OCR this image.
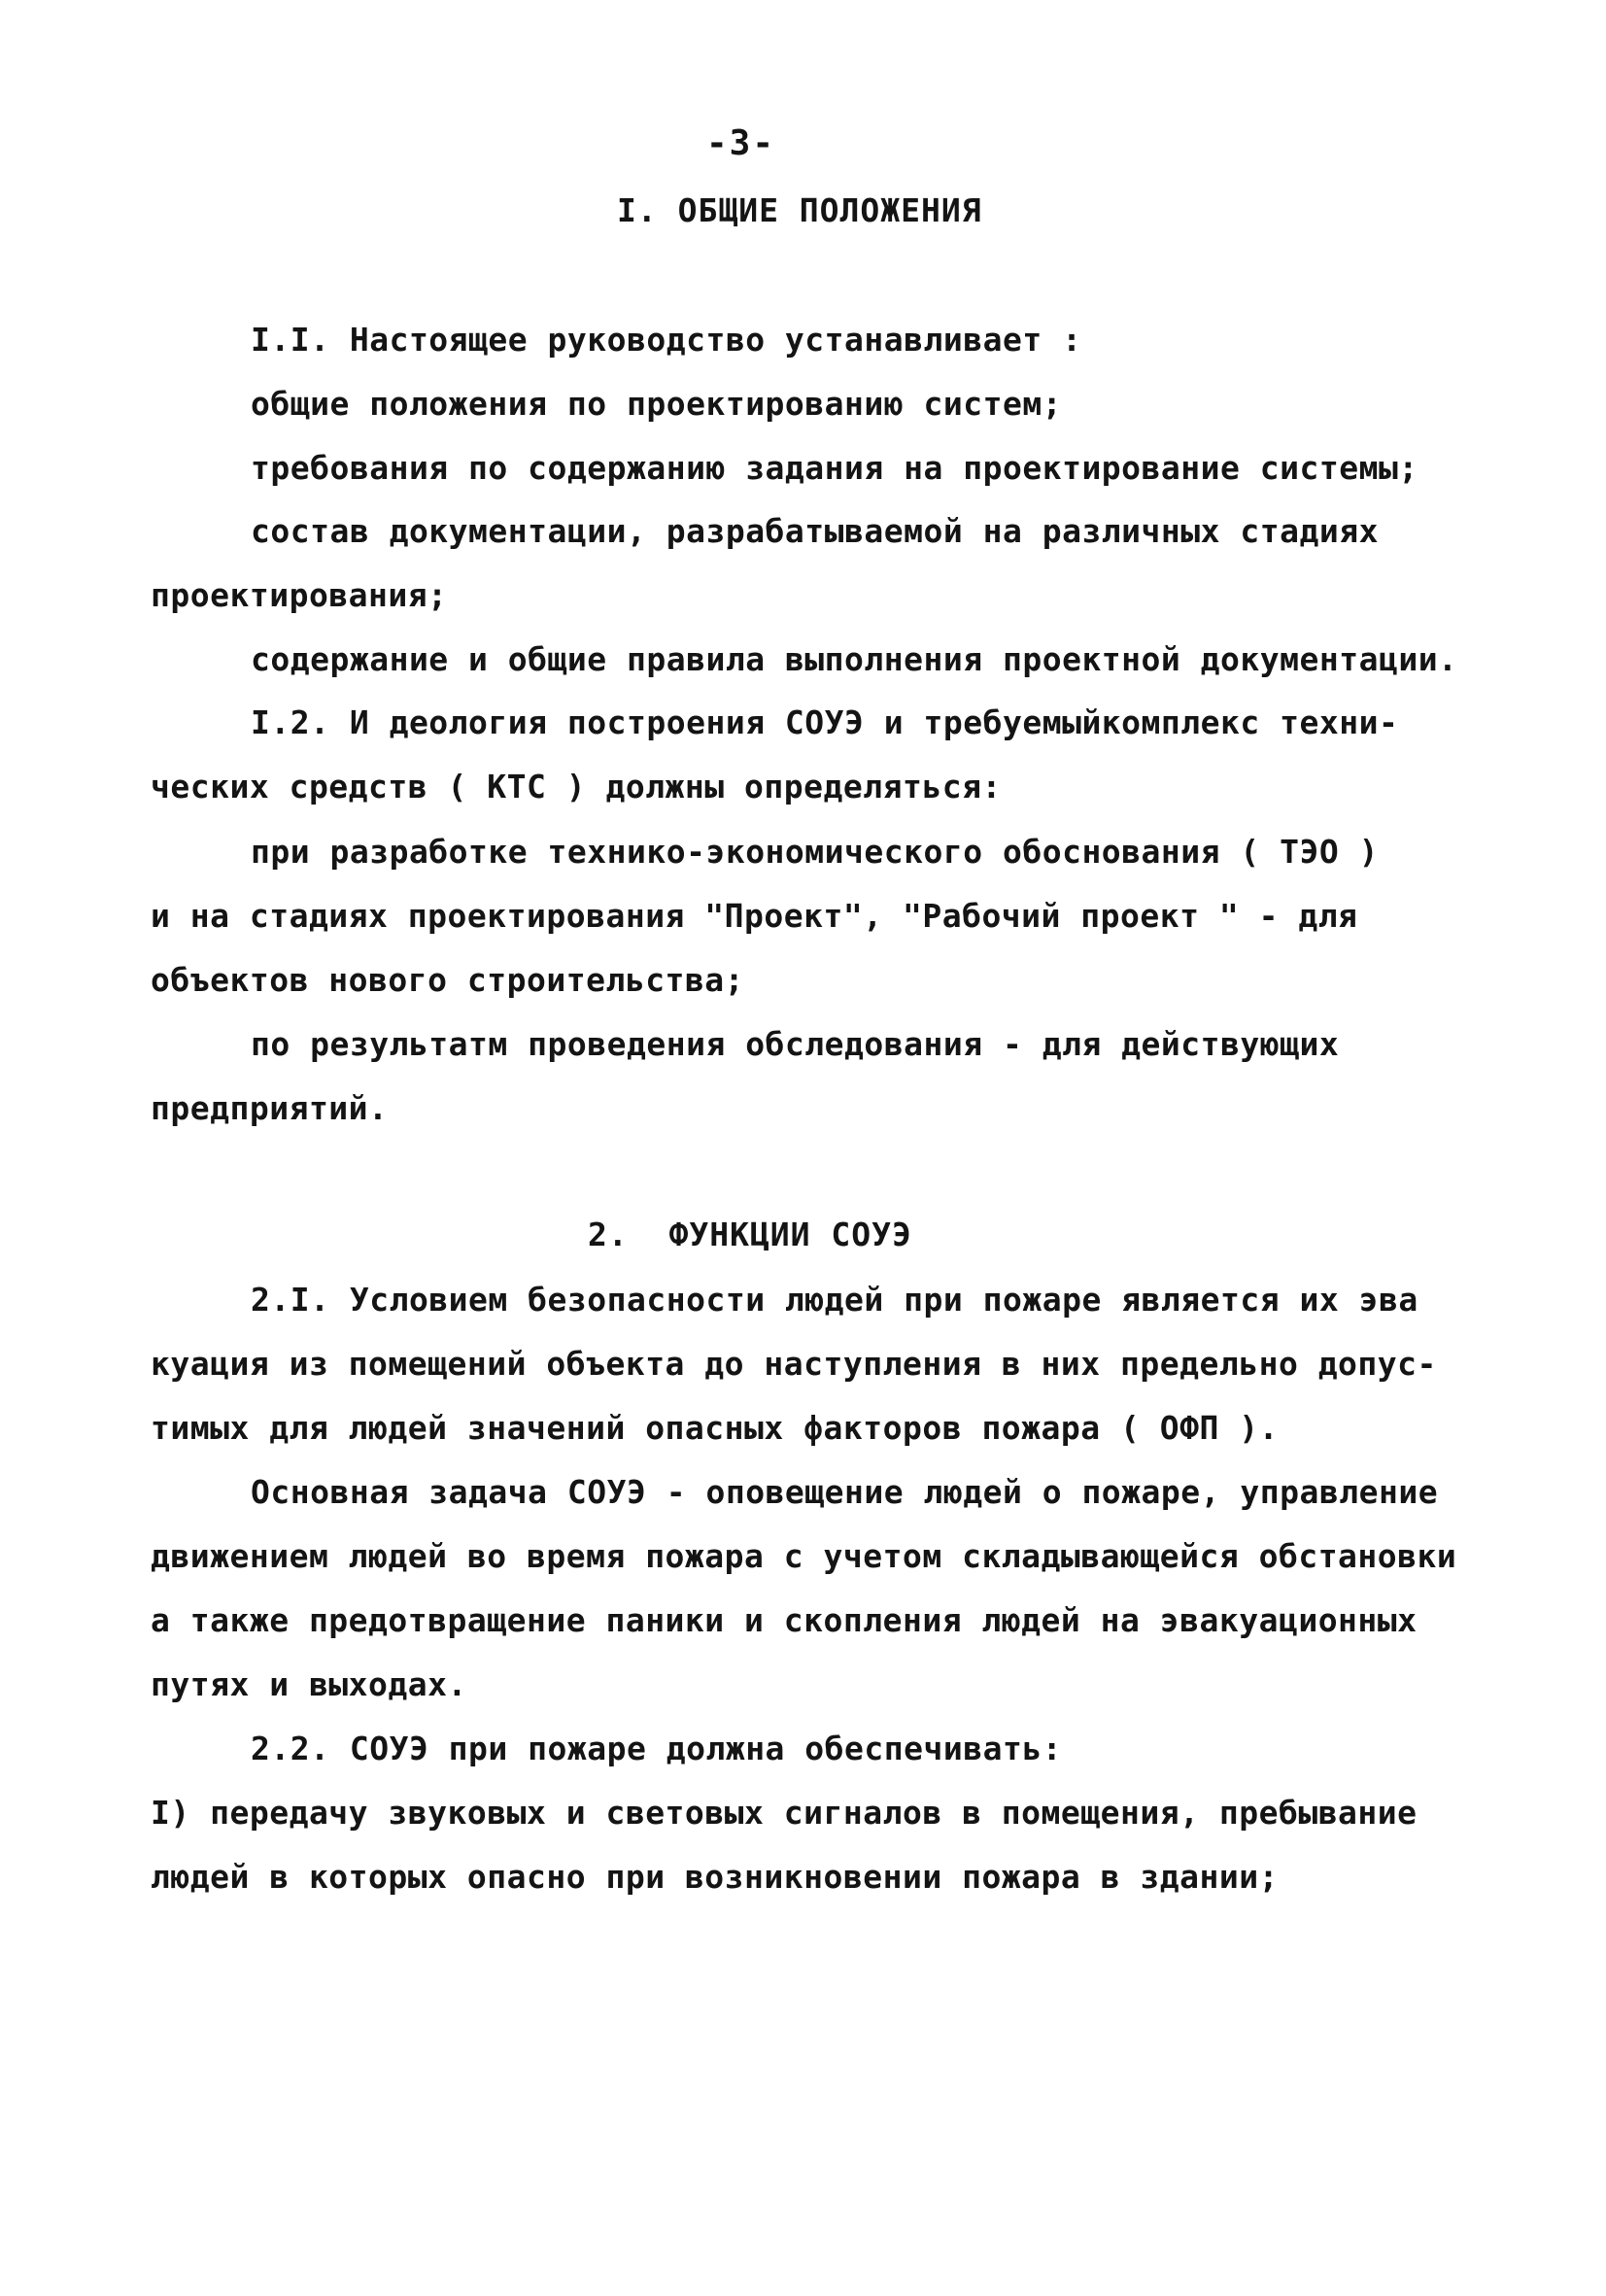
-3-
I. ОБЩИЕ ПОЛОЖЕНИЯ
I.I. Настоящее руководство устанавливает :
общие положения по проектированию систем;
требования по содержанию задания на проектирование системы;
состав документации, разрабатываемой на различных стадиях
проектирования;
содержание и общие правила выполнения проектной документации.
I.2. И деология построения СОУЭ и требуемыйкомплекс техни-
ческих средств ( КТС ) должны определяться:
при разработке технико-экономического обоснования ( ТЭО )
и на стадиях проектирования "Проект", "Рабочий проект " - для
объектов нового строительства;
по результатм проведения обследования - для действующих
предприятий.
2.  ФУНКЦИИ СОУЭ
2.I. Условием безопасности людей при пожаре является их эва
куация из помещений объекта до наступления в них предельно допус-
тимых для людей значений опасных факторов пожара ( ОФП ).
Основная задача СОУЭ - оповещение людей о пожаре, управление
движением людей во время пожара с учетом складывающейся обстановки
а также предотвращение паники и скопления людей на эвакуационных
путях и выходах.
2.2. СОУЭ при пожаре должна обеспечивать:
I) передачу звуковых и световых сигналов в помещения, пребывание
людей в которых опасно при возникновении пожара в здании;
